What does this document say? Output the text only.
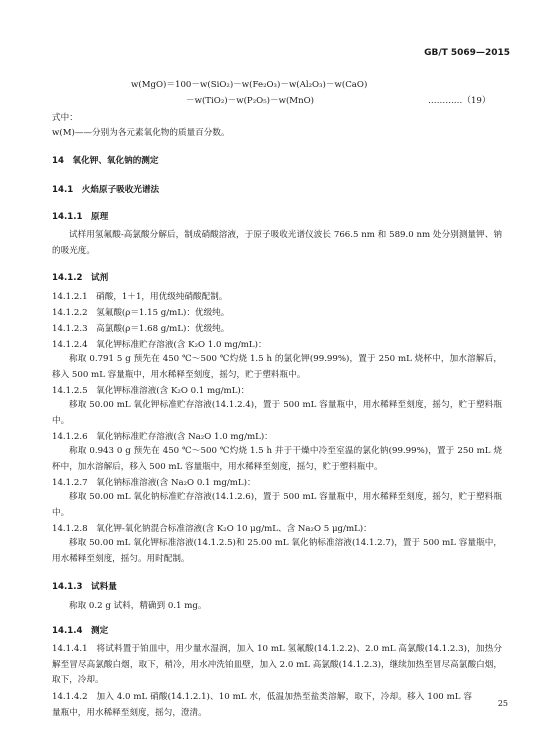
GB/T 5069—2015
w(MgO)＝100－w(SiO₂)－w(Fe₂O₃)－w(Al₂O₃)－w(CaO)
－w(TiO₂)－w(P₂O₅)－w(MnO)	…………（19）
式中：
w(M)——分别为各元素氧化物的质量百分数。
14　氧化钾、氧化钠的测定
14.1　火焰原子吸收光谱法
14.1.1　原理
试样用氢氟酸-高氯酸分解后，制成硝酸溶液，于原子吸收光谱仪波长 766.5 nm 和 589.0 nm 处分别测量钾、钠的吸光度。
14.1.2　试剂
14.1.2.1　硝酸，1＋1，用优级纯硝酸配制。
14.1.2.2　氢氟酸(ρ＝1.15 g/mL)：优级纯。
14.1.2.3　高氯酸(ρ＝1.68 g/mL)：优级纯。
14.1.2.4　氧化钾标准贮存溶液(含 K₂O 1.0 mg/mL)：
称取 0.791 5 g 预先在 450 ℃～500 ℃灼烧 1.5 h 的氯化钾(99.99%)，置于 250 mL 烧杯中，加水溶解后，移入 500 mL 容量瓶中，用水稀释至刻度，摇匀，贮于塑料瓶中。
14.1.2.5　氧化钾标准溶液(含 K₂O 0.1 mg/mL)：
移取 50.00 mL 氧化钾标准贮存溶液(14.1.2.4)，置于 500 mL 容量瓶中，用水稀释至刻度，摇匀，贮于塑料瓶中。
14.1.2.6　氧化钠标准贮存溶液(含 Na₂O 1.0 mg/mL)：
称取 0.943 0 g 预先在 450 ℃～500 ℃灼烧 1.5 h 并于干燥中冷至室温的氯化钠(99.99%)，置于 250 mL 烧杯中，加水溶解后，移入 500 mL 容量瓶中，用水稀释至刻度，摇匀，贮于塑料瓶中。
14.1.2.7　氧化钠标准溶液(含 Na₂O 0.1 mg/mL)：
移取 50.00 mL 氧化钠标准贮存溶液(14.1.2.6)，置于 500 mL 容量瓶中，用水稀释至刻度，摇匀，贮于塑料瓶中。
14.1.2.8　氧化钾-氧化钠混合标准溶液(含 K₂O 10 μg/mL、含 Na₂O 5 μg/mL)：
移取 50.00 mL 氧化钾标准溶液(14.1.2.5)和 25.00 mL 氧化钠标准溶液(14.1.2.7)，置于 500 mL 容量瓶中，用水稀释至刻度，摇匀。用时配制。
14.1.3　试料量
称取 0.2 g 试料，精确到 0.1 mg。
14.1.4　测定
14.1.4.1　将试料置于铂皿中，用少量水湿润，加入 10 mL 氢氟酸(14.1.2.2)、2.0 mL 高氯酸(14.1.2.3)，加热分解至冒尽高氯酸白烟，取下，稍冷，用水冲洗铂皿壁，加入 2.0 mL 高氯酸(14.1.2.3)，继续加热至冒尽高氯酸白烟，取下，冷却。
14.1.4.2　加入 4.0 mL 硝酸(14.1.2.1)、10 mL 水，低温加热至盐类溶解，取下，冷却。移入 100 mL 容量瓶中，用水稀释至刻度，摇匀，澄清。
25
